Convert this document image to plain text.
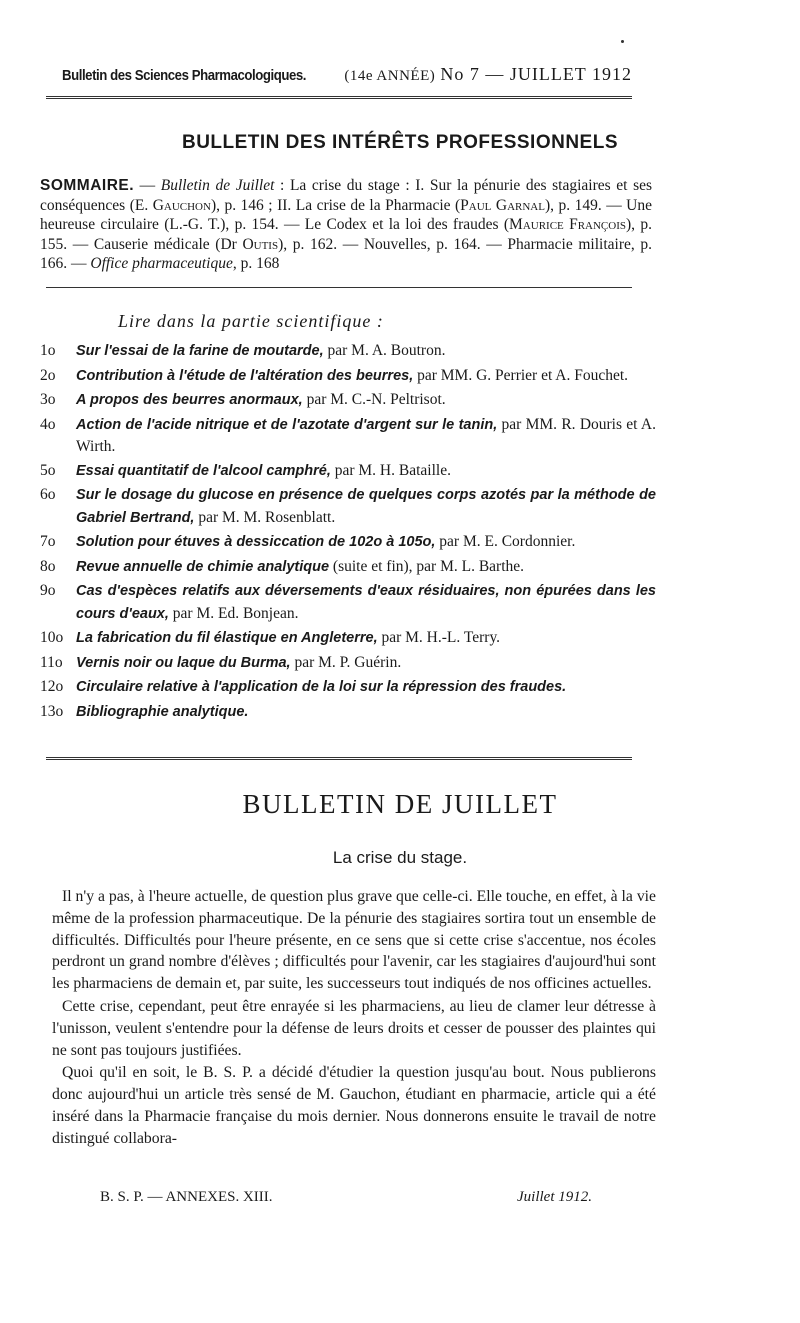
Bulletin des Sciences Pharmacologiques.	(14e ANNÉE) No 7 — JUILLET 1912
BULLETIN DES INTÉRÊTS PROFESSIONNELS
SOMMAIRE. — Bulletin de Juillet : La crise du stage : I. Sur la pénurie des stagiaires et ses conséquences (E. Gauchon), p. 146 ; II. La crise de la Pharmacie (Paul Garnal), p. 149. — Une heureuse circulaire (L.-G. T.), p. 154. — Le Codex et la loi des fraudes (Maurice François), p. 155. — Causerie médicale (Dr Outis), p. 162. — Nouvelles, p. 164. — Pharmacie militaire, p. 166. — Office pharmaceutique, p. 168
Lire dans la partie scientifique :
1o	Sur l'essai de la farine de moutarde, par M. A. Boutron.
2o	Contribution à l'étude de l'altération des beurres, par MM. G. Perrier et A. Fouchet.
3o	A propos des beurres anormaux, par M. C.-N. Peltrisot.
4o	Action de l'acide nitrique et de l'azotate d'argent sur le tanin, par MM. R. Douris et A. Wirth.
5o	Essai quantitatif de l'alcool camphré, par M. H. Bataille.
6o	Sur le dosage du glucose en présence de quelques corps azotés par la méthode de Gabriel Bertrand, par M. M. Rosenblatt.
7o	Solution pour étuves à dessiccation de 102o à 105o, par M. E. Cordonnier.
8o	Revue annuelle de chimie analytique (suite et fin), par M. L. Barthe.
9o	Cas d'espèces relatifs aux déversements d'eaux résiduaires, non épurées dans les cours d'eaux, par M. Ed. Bonjean.
10o La fabrication du fil élastique en Angleterre, par M. H.-L. Terry.
11o Vernis noir ou laque du Burma, par M. P. Guérin.
12o Circulaire relative à l'application de la loi sur la répression des fraudes.
13o Bibliographie analytique.
BULLETIN DE JUILLET
La crise du stage.

Il n'y a pas, à l'heure actuelle, de question plus grave que celle-ci. Elle touche, en effet, à la vie même de la profession pharmaceutique. De la pénurie des stagiaires sortira tout un ensemble de difficultés. Difficultés pour l'heure présente, en ce sens que si cette crise s'accentue, nos écoles perdront un grand nombre d'élèves ; difficultés pour l'avenir, car les stagiaires d'aujourd'hui sont les pharmaciens de demain et, par suite, les successeurs tout indiqués de nos officines actuelles.

Cette crise, cependant, peut être enrayée si les pharmaciens, au lieu de clamer leur détresse à l'unisson, veulent s'entendre pour la défense de leurs droits et cesser de pousser des plaintes qui ne sont pas toujours justifiées.

Quoi qu'il en soit, le B. S. P. a décidé d'étudier la question jusqu'au bout. Nous publierons donc aujourd'hui un article très sensé de M. Gauchon, étudiant en pharmacie, article qui a été inséré dans la Pharmacie française du mois dernier. Nous donnerons ensuite le travail de notre distingué collabora-

B. S. P. — ANNEXES. XIII.	Juillet 1912.
